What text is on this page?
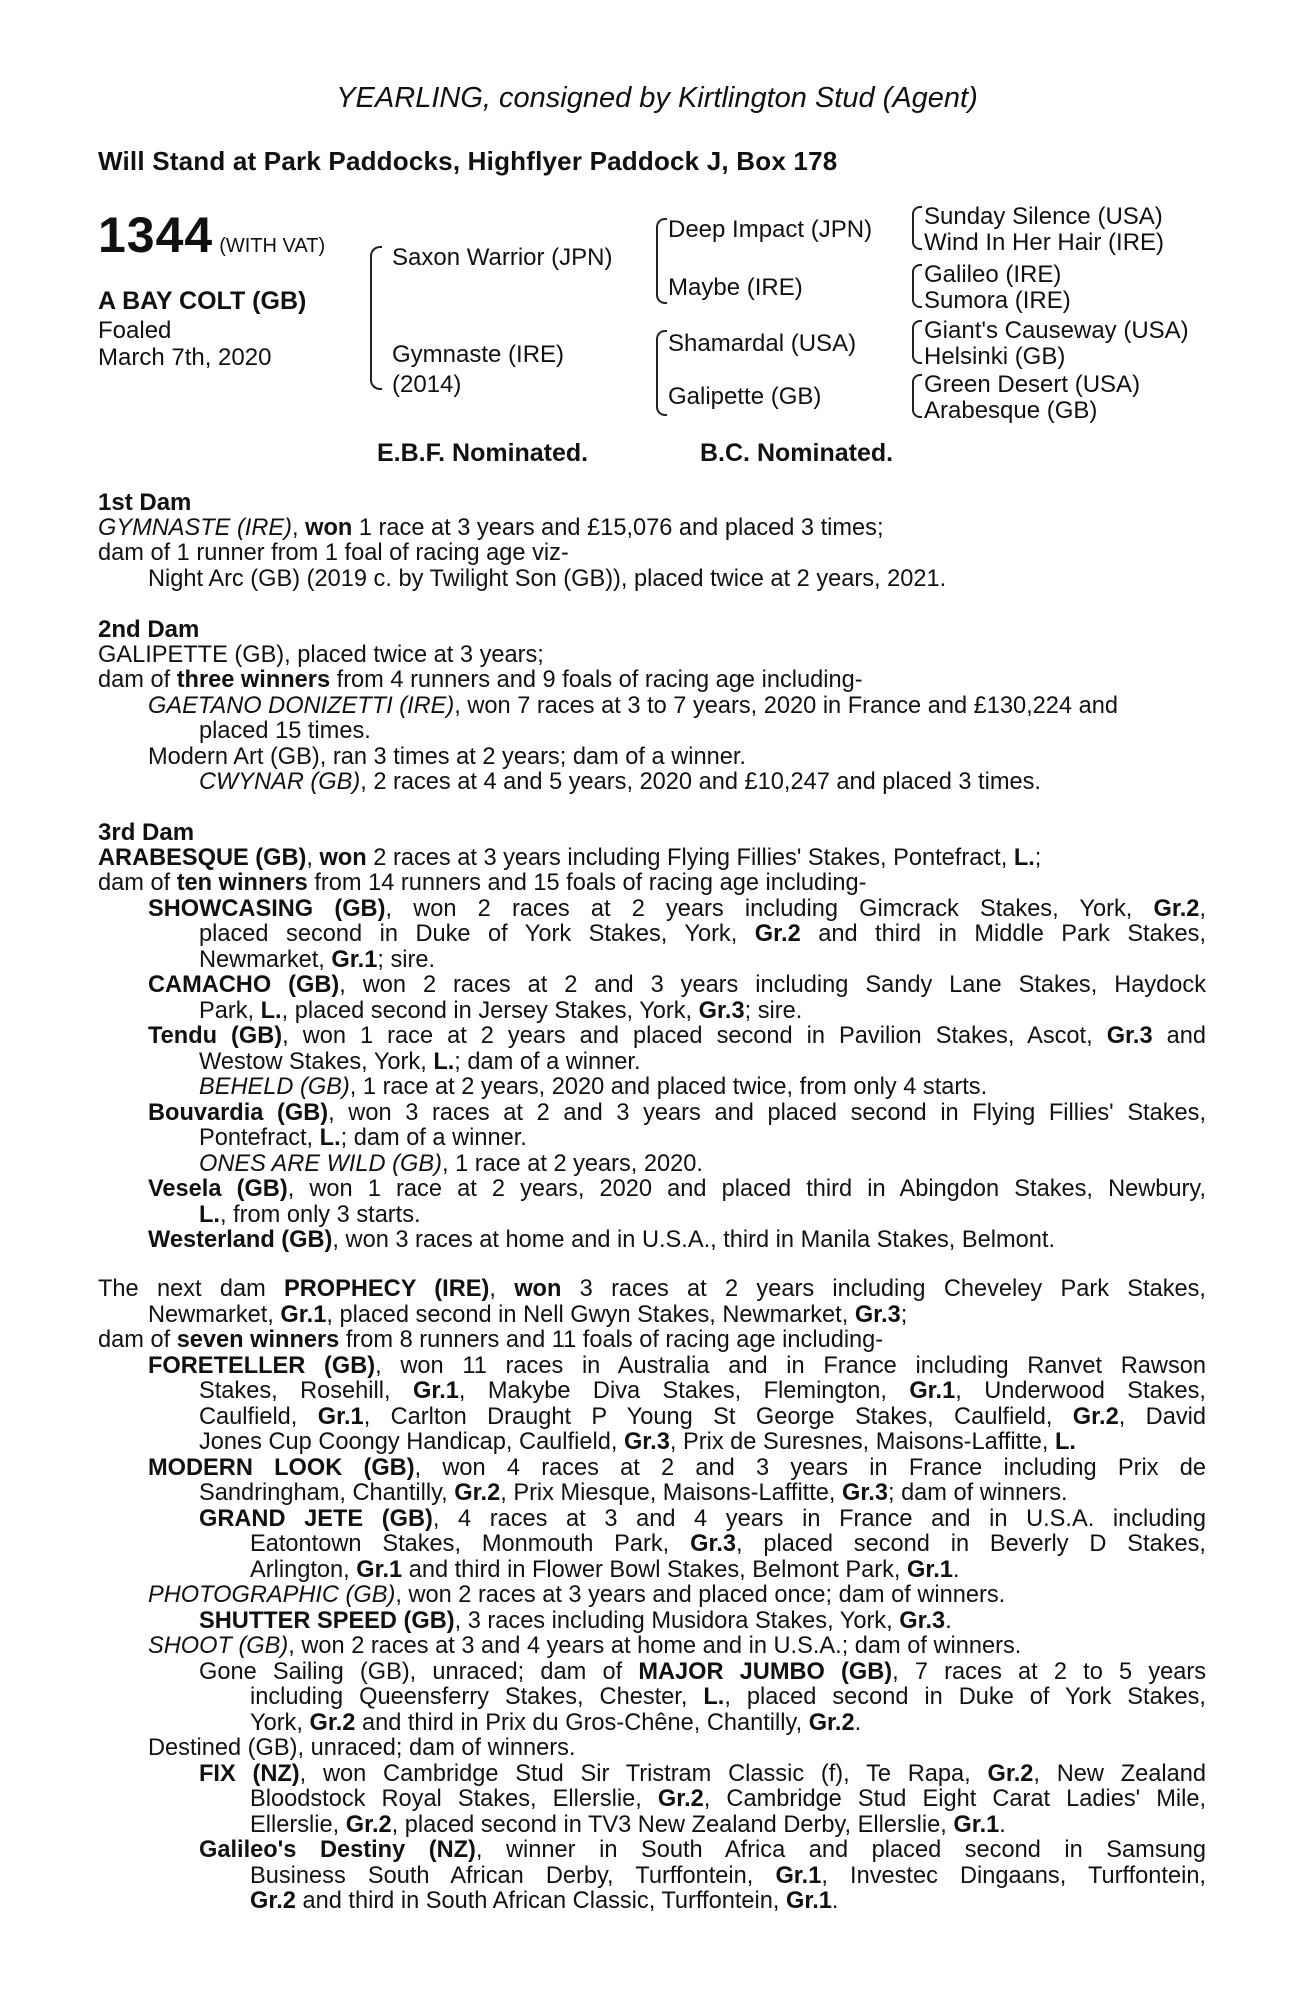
YEARLING, consigned by Kirtlington Stud (Agent)
Will Stand at Park Paddocks, Highflyer Paddock J, Box 178
1344 (WITH VAT)
A BAY COLT (GB)
Foaled
March 7th, 2020
Saxon Warrior (JPN)
Gymnaste (IRE)
(2014)
Deep Impact (JPN)
Maybe (IRE)
Shamardal (USA)
Galipette (GB)
Sunday Silence (USA)
Wind In Her Hair (IRE)
Galileo (IRE)
Sumora (IRE)
Giant's Causeway (USA)
Helsinki (GB)
Green Desert (USA)
Arabesque (GB)
E.B.F. Nominated.	B.C. Nominated.
1st Dam
GYMNASTE (IRE), won 1 race at 3 years and £15,076 and placed 3 times;
dam of 1 runner from 1 foal of racing age viz-
Night Arc (GB) (2019 c. by Twilight Son (GB)), placed twice at 2 years, 2021.
2nd Dam
GALIPETTE (GB), placed twice at 3 years;
dam of three winners from 4 runners and 9 foals of racing age including-
GAETANO DONIZETTI (IRE), won 7 races at 3 to 7 years, 2020 in France and £130,224 and
placed 15 times.
Modern Art (GB), ran 3 times at 2 years; dam of a winner.
CWYNAR (GB), 2 races at 4 and 5 years, 2020 and £10,247 and placed 3 times.
3rd Dam
ARABESQUE (GB), won 2 races at 3 years including Flying Fillies' Stakes, Pontefract, L.;
dam of ten winners from 14 runners and 15 foals of racing age including-
SHOWCASING (GB), won 2 races at 2 years including Gimcrack Stakes, York, Gr.2,
placed second in Duke of York Stakes, York, Gr.2 and third in Middle Park Stakes,
Newmarket, Gr.1; sire.
CAMACHO (GB), won 2 races at 2 and 3 years including Sandy Lane Stakes, Haydock
Park, L., placed second in Jersey Stakes, York, Gr.3; sire.
Tendu (GB), won 1 race at 2 years and placed second in Pavilion Stakes, Ascot, Gr.3 and
Westow Stakes, York, L.; dam of a winner.
BEHELD (GB), 1 race at 2 years, 2020 and placed twice, from only 4 starts.
Bouvardia (GB), won 3 races at 2 and 3 years and placed second in Flying Fillies' Stakes,
Pontefract, L.; dam of a winner.
ONES ARE WILD (GB), 1 race at 2 years, 2020.
Vesela (GB), won 1 race at 2 years, 2020 and placed third in Abingdon Stakes, Newbury,
L., from only 3 starts.
Westerland (GB), won 3 races at home and in U.S.A., third in Manila Stakes, Belmont.
The next dam PROPHECY (IRE), won 3 races at 2 years including Cheveley Park Stakes,
Newmarket, Gr.1, placed second in Nell Gwyn Stakes, Newmarket, Gr.3;
dam of seven winners from 8 runners and 11 foals of racing age including-
FORETELLER (GB), won 11 races in Australia and in France including Ranvet Rawson
Stakes, Rosehill, Gr.1, Makybe Diva Stakes, Flemington, Gr.1, Underwood Stakes,
Caulfield, Gr.1, Carlton Draught P Young St George Stakes, Caulfield, Gr.2, David
Jones Cup Coongy Handicap, Caulfield, Gr.3, Prix de Suresnes, Maisons-Laffitte, L.
MODERN LOOK (GB), won 4 races at 2 and 3 years in France including Prix de
Sandringham, Chantilly, Gr.2, Prix Miesque, Maisons-Laffitte, Gr.3; dam of winners.
GRAND JETE (GB), 4 races at 3 and 4 years in France and in U.S.A. including
Eatontown Stakes, Monmouth Park, Gr.3, placed second in Beverly D Stakes,
Arlington, Gr.1 and third in Flower Bowl Stakes, Belmont Park, Gr.1.
PHOTOGRAPHIC (GB), won 2 races at 3 years and placed once; dam of winners.
SHUTTER SPEED (GB), 3 races including Musidora Stakes, York, Gr.3.
SHOOT (GB), won 2 races at 3 and 4 years at home and in U.S.A.; dam of winners.
Gone Sailing (GB), unraced; dam of MAJOR JUMBO (GB), 7 races at 2 to 5 years
including Queensferry Stakes, Chester, L., placed second in Duke of York Stakes,
York, Gr.2 and third in Prix du Gros-Chêne, Chantilly, Gr.2.
Destined (GB), unraced; dam of winners.
FIX (NZ), won Cambridge Stud Sir Tristram Classic (f), Te Rapa, Gr.2, New Zealand
Bloodstock Royal Stakes, Ellerslie, Gr.2, Cambridge Stud Eight Carat Ladies' Mile,
Ellerslie, Gr.2, placed second in TV3 New Zealand Derby, Ellerslie, Gr.1.
Galileo's Destiny (NZ), winner in South Africa and placed second in Samsung
Business South African Derby, Turffontein, Gr.1, Investec Dingaans, Turffontein,
Gr.2 and third in South African Classic, Turffontein, Gr.1.
